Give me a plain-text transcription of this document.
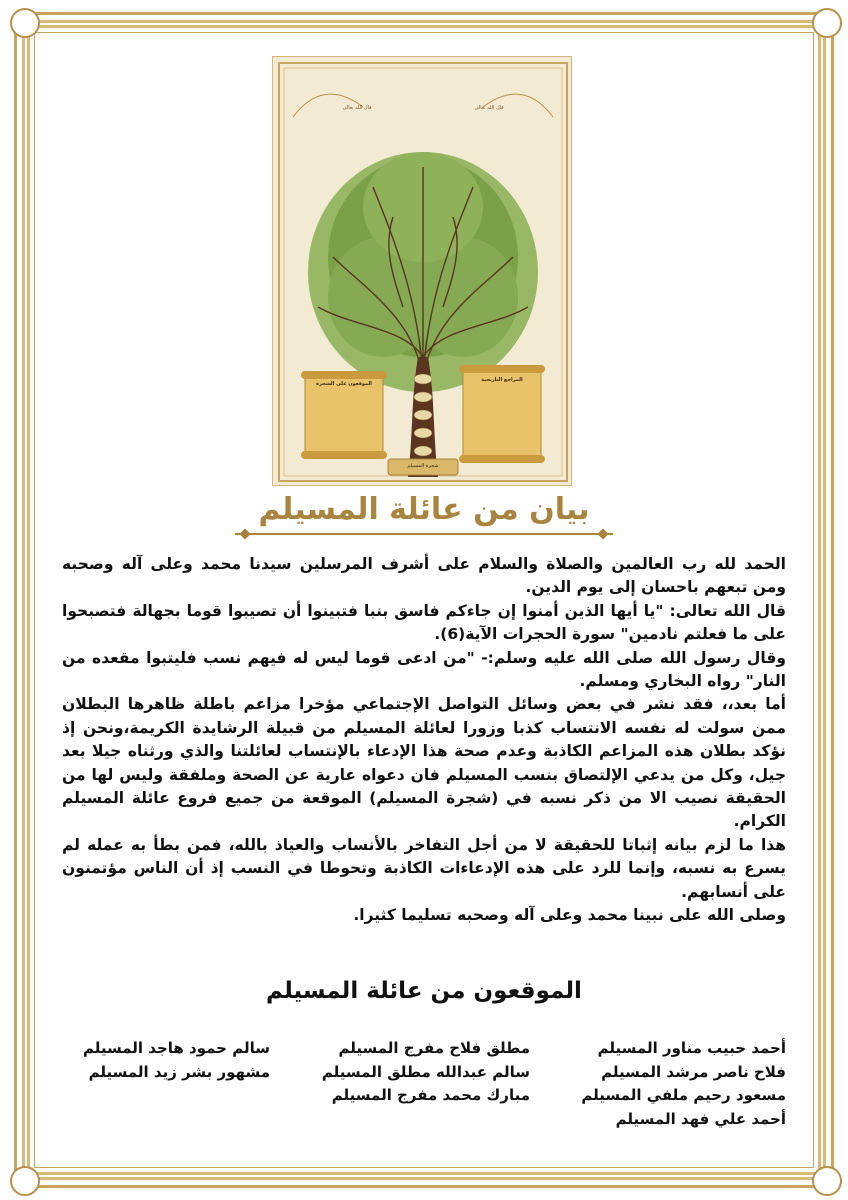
قال الله تعالى
قال الله تعالى
الموقعون على الشجرة
المراجع التاريخية
شجرة المسيلم
بيان من عائلة المسيلم

الحمد لله رب العالمين والصلاة والسلام على أشرف المرسلين سيدنا محمد وعلى آله وصحبه ومن تبعهم باحسان إلى يوم الدين.

قال الله تعالى: "يا أيها الذين أمنوا إن جاءكم فاسق بنبا فتبينوا أن تصيبوا قوما بجهالة فتصبحوا على ما فعلتم نادمين" سورة الحجرات الآية(6).

وقال رسول الله صلى الله عليه وسلم:- "من ادعى قوما ليس له فيهم نسب فليتبوا مقعده من النار" رواه البخاري ومسلم.

أما بعد،، فقد نشر في بعض وسائل التواصل الإجتماعي مؤخرا مزاعم باطلة ظاهرها البطلان ممن سولت له نفسه الانتساب كذبا وزورا لعائلة المسيلم من قبيلة الرشايدة الكريمة،ونحن إذ نؤكد بطلان هذه المزاعم الكاذبة وعدم صحة هذا الإدعاء بالإنتساب لعائلتنا والذي ورثناه جيلا بعد جيل، وكل من يدعي الإلتصاق بنسب المسيلم فان دعواه عارية عن الصحة وملفقة وليس لها من الحقيقة نصيب الا من ذكر نسبه في (شجرة المسيلم) الموقعة من جميع فروع عائلة المسيلم الكرام.

هذا ما لزم بيانه إثباتا للحقيقة لا من أجل التفاخر بالأنساب والعياذ بالله، فمن بطأ به عمله لم يسرع به نسبه، وإنما للرد على هذه الإدعاءات الكاذبة وتحوطا في النسب إذ أن الناس مؤتمنون على أنسابهم.

وصلى الله على نبينا محمد وعلى آله وصحبه تسليما كثيرا.

الموقعون من عائلة المسيلم
أحمد حبيب مناور المسيلم
فلاح ناصر مرشد المسيلم
مسعود رحيم ملفي المسيلم
أحمد علي فهد المسيلم
مطلق فلاح مفرج المسيلم
سالم عبدالله مطلق المسيلم
مبارك محمد مفرج المسيلم
سالم حمود هاجد المسيلم
مشهور بشر زيد المسيلم
